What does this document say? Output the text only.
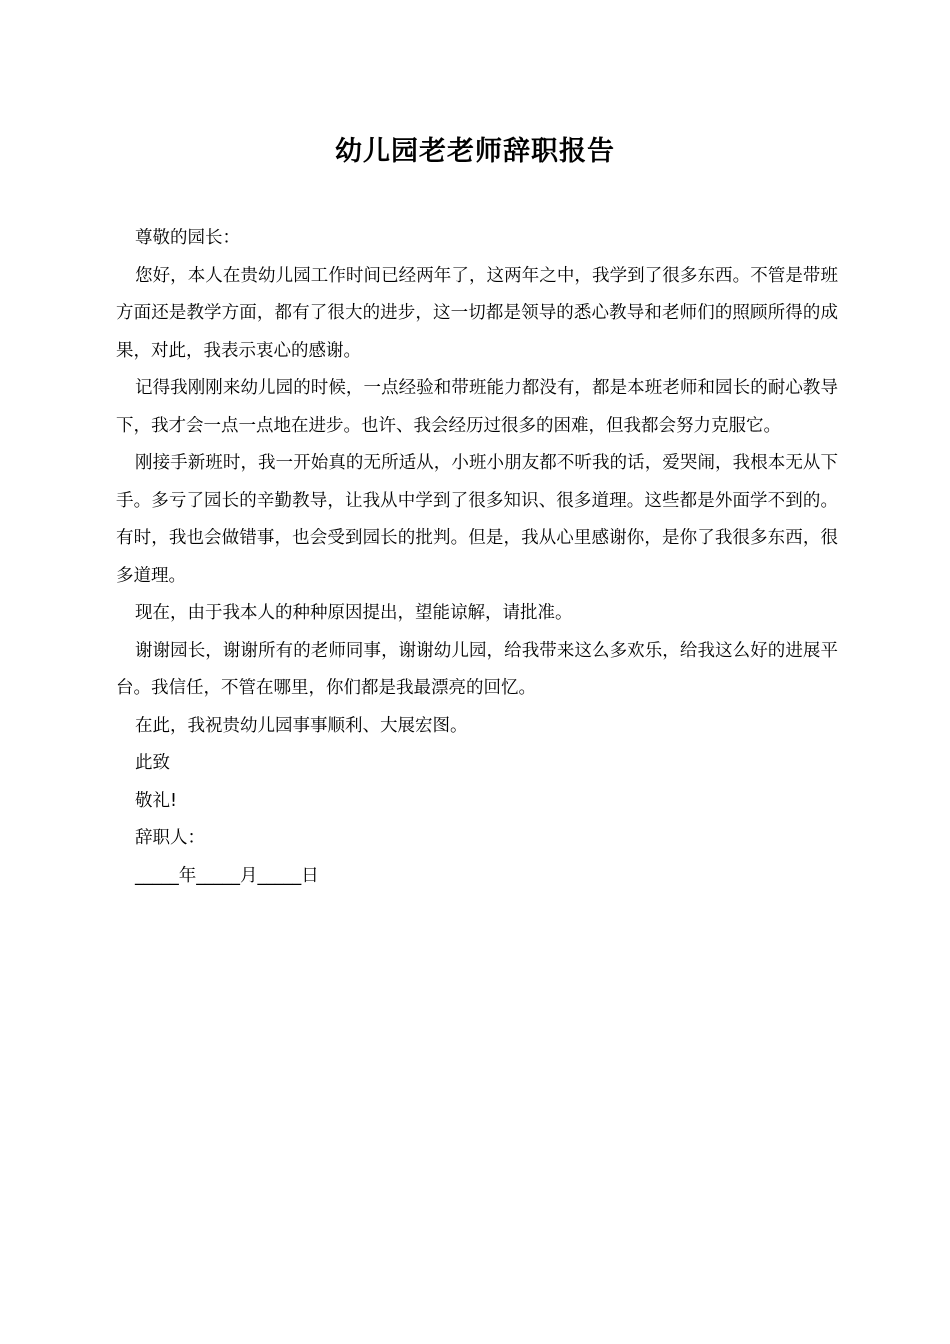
幼儿园老老师辞职报告

尊敬的园长：

您好，本人在贵幼儿园工作时间已经两年了，这两年之中，我学到了很多东西。不管是带班方面还是教学方面，都有了很大的进步，这一切都是领导的悉心教导和老师们的照顾所得的成果，对此，我表示衷心的感谢。

记得我刚刚来幼儿园的时候，一点经验和带班能力都没有，都是本班老师和园长的耐心教导下，我才会一点一点地在进步。也许、我会经历过很多的困难，但我都会努力克服它。

刚接手新班时，我一开始真的无所适从，小班小朋友都不听我的话，爱哭闹，我根本无从下手。多亏了园长的辛勤教导，让我从中学到了很多知识、很多道理。这些都是外面学不到的。有时，我也会做错事，也会受到园长的批判。但是，我从心里感谢你，是你了我很多东西，很多道理。

现在，由于我本人的种种原因提出，望能谅解，请批准。

谢谢园长，谢谢所有的老师同事，谢谢幼儿园，给我带来这么多欢乐，给我这么好的进展平台。我信任，不管在哪里，你们都是我最漂亮的回忆。

在此，我祝贵幼儿园事事顺利、大展宏图。

此致

敬礼!

辞职人：

_____年_____月_____日
